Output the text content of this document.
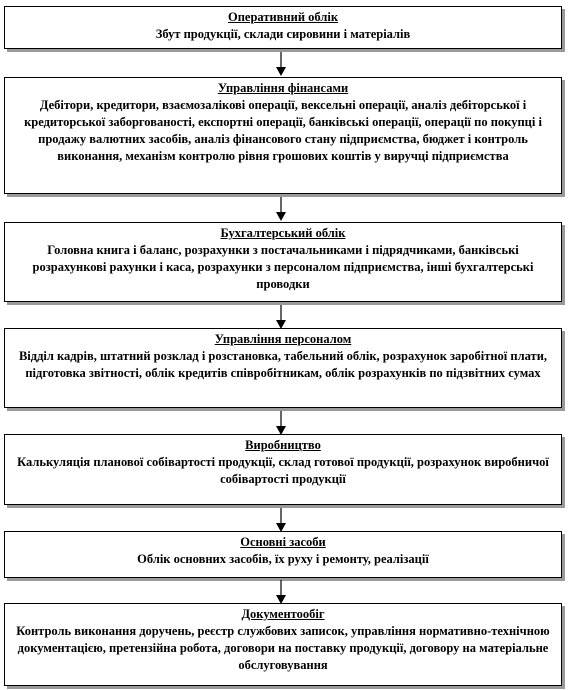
Оперативний облік
Збут продукції, склади сировини і матеріалів
Управління фінансами
Дебітори, кредитори, взаємозаліковi операції, вексельні операції, аналіз дебіторської і кредиторської заборгованості, експортні операції, банківські операції, операції по покупці і продажу валютних засобів, аналіз фінансового стану підприємства, бюджет і контроль виконання, механізм контролю рівня грошових коштів у виручці підприємства
Бухгалтерський облік
Головна книга і баланс, розрахунки з постачальниками і підрядчиками, банківські розрахункові рахунки і каса, розрахунки з персоналом підприємства, інші бухгалтерські проводки
Управління персоналом
Відділ кадрів, штатний розклад і розстановка, табельний облік, розрахунок заробітної плати, підготовка звітності, облік кредитів співробітникам, облік розрахунків по підзвітних сумах
Виробництво
Калькуляція планової собівартості продукції, склад готової продукції, розрахунок виробничої собівартості продукції
Основні засоби
Облік основних засобів, їх руху і ремонту, реалізації
Документообіг
Контроль виконання доручень, реєстр службових записок, управління нормативно-технічною документацією, претензійна робота, договори на поставку продукції, договору на матеріальне обслуговування
